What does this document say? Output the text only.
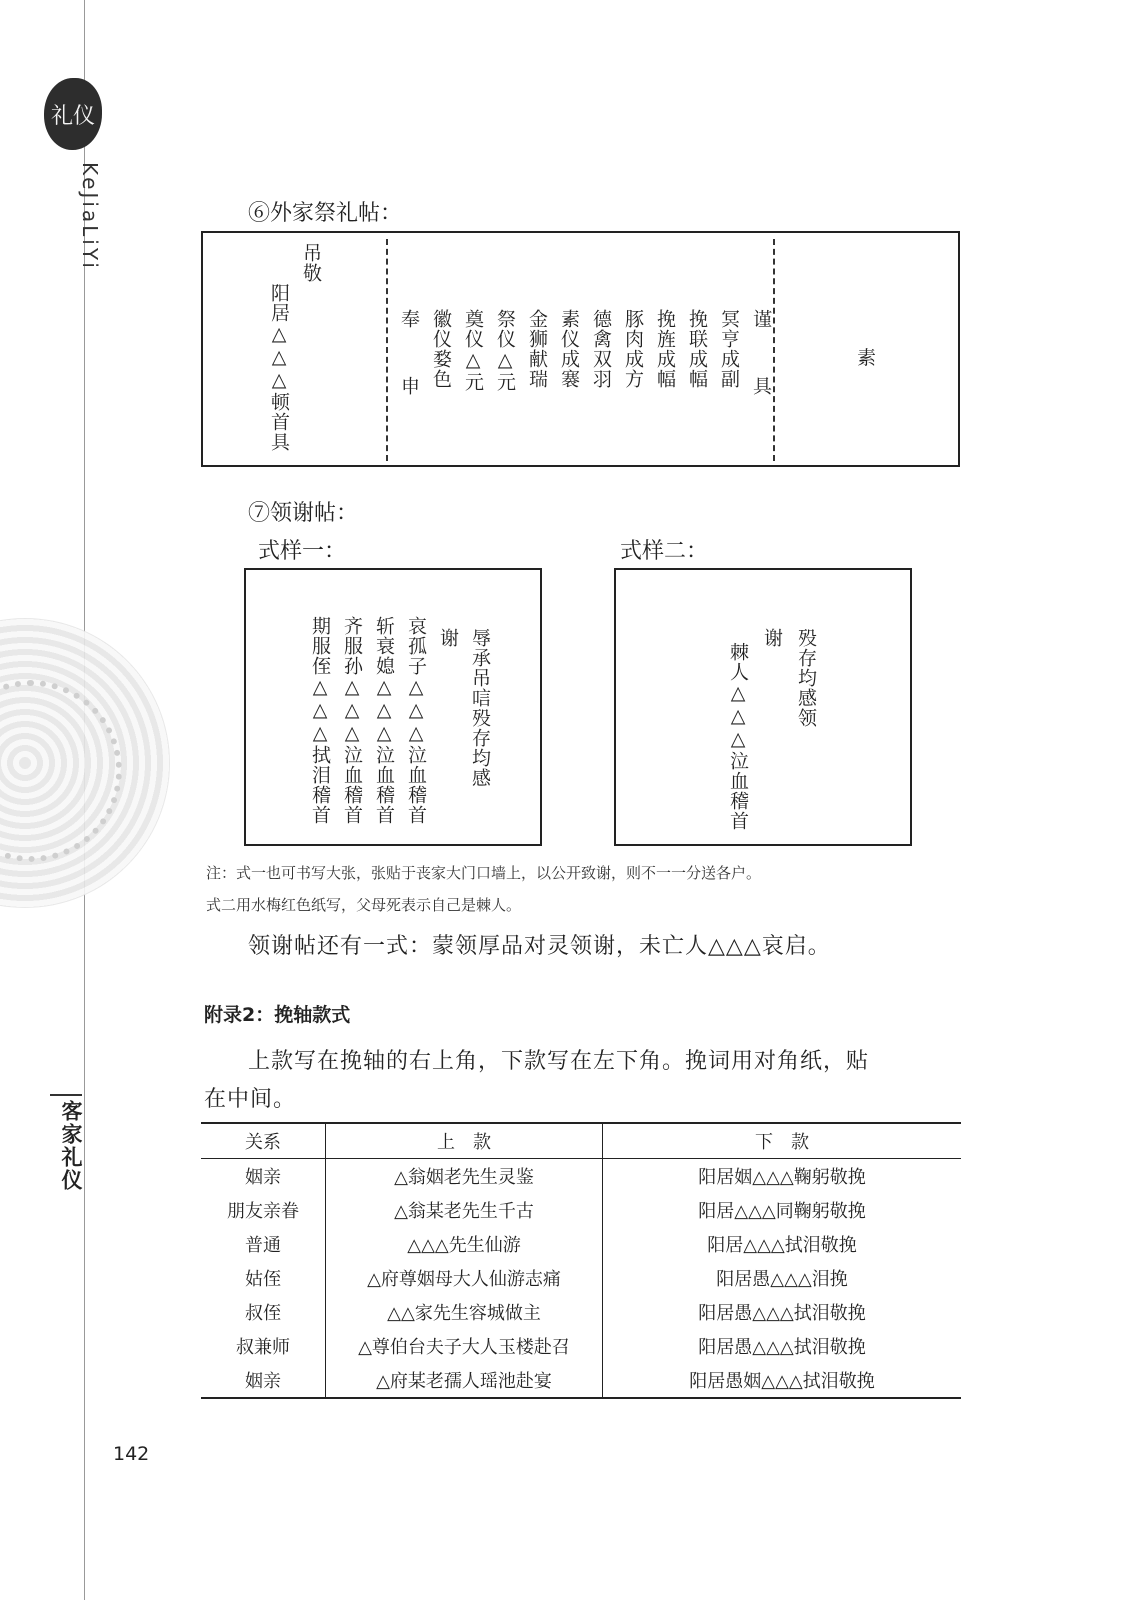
礼仪
KeJiaLiYi
客家礼仪
⑥外家祭礼帖：
吊敬
阳居△△△顿首具	谨
具
冥亨成副
挽联成幅
挽旌成幅
豚肉成方
德禽双羽
素仪成褰
金狮献瑞
祭仪△元
奠仪△元
徽仪婺色
奉
申
素
⑦领谢帖：
式样一：	式样二：
辱承吊唁殁存均感
谢
哀孤子△△△泣血稽首
斩衰媳△△△泣血稽首
齐服孙△△△泣血稽首
期服侄△△△拭泪稽首	殁存均感领
谢
棘人△△△泣血稽首
注：式一也可书写大张，张贴于丧家大门口墙上，以公开致谢，则不一一分送各户。
式二用水梅红色纸写，父母死表示自己是棘人。
领谢帖还有一式：蒙领厚品对灵领谢，未亡人△△△哀启。
附录2：挽轴款式
上款写在挽轴的右上角，下款写在左下角。挽词用对角纸，贴
在中间。
关系	上　款	下　款
姻亲	△翁姻老先生灵鉴	阳居姻△△△鞠躬敬挽
朋友亲眷	△翁某老先生千古	阳居△△△同鞠躬敬挽
普通	△△△先生仙游	阳居△△△拭泪敬挽
姑侄	△府尊姻母大人仙游志痛	阳居愚△△△泪挽
叔侄	△△家先生容城做主	阳居愚△△△拭泪敬挽
叔兼师	△尊伯台夫子大人玉楼赴召	阳居愚△△△拭泪敬挽
姻亲	△府某老孺人瑶池赴宴	阳居愚姻△△△拭泪敬挽
142
